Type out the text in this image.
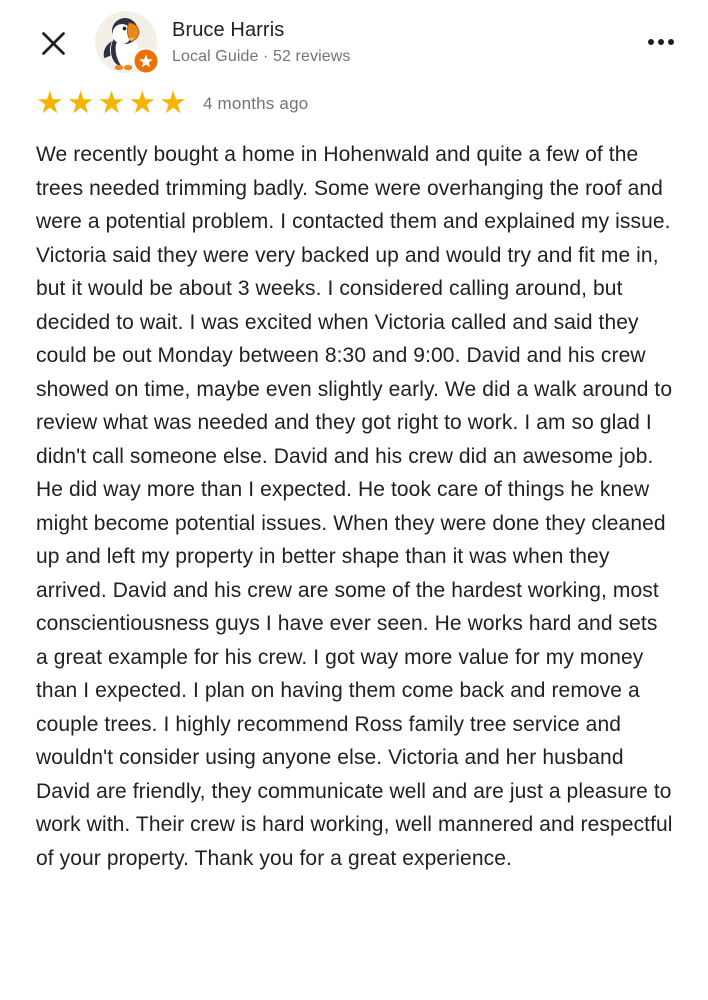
Bruce Harris
Local Guide · 52 reviews
★ ★ ★ ★ ★ 4 months ago

We recently bought a home in Hohenwald and quite a few of the trees needed trimming badly. Some were overhanging the roof and were a potential problem. I contacted them and explained my issue. Victoria said they were very backed up and would try and fit me in, but it would be about 3 weeks. I considered calling around, but decided to wait. I was excited when Victoria called and said they could be out Monday between 8:30 and 9:00. David and his crew showed on time, maybe even slightly early. We did a walk around to review what was needed and they got right to work. I am so glad I didn't call someone else. David and his crew did an awesome job. He did way more than I expected. He took care of things he knew might become potential issues. When they were done they cleaned up and left my property in better shape than it was when they arrived. David and his crew are some of the hardest working, most conscientiousness guys I have ever seen. He works hard and sets a great example for his crew. I got way more value for my money than I expected. I plan on having them come back and remove a couple trees. I highly recommend Ross family tree service and wouldn't consider using anyone else. Victoria and her husband David are friendly, they communicate well and are just a pleasure to work with. Their crew is hard working, well mannered and respectful of your property. Thank you for a great experience.
